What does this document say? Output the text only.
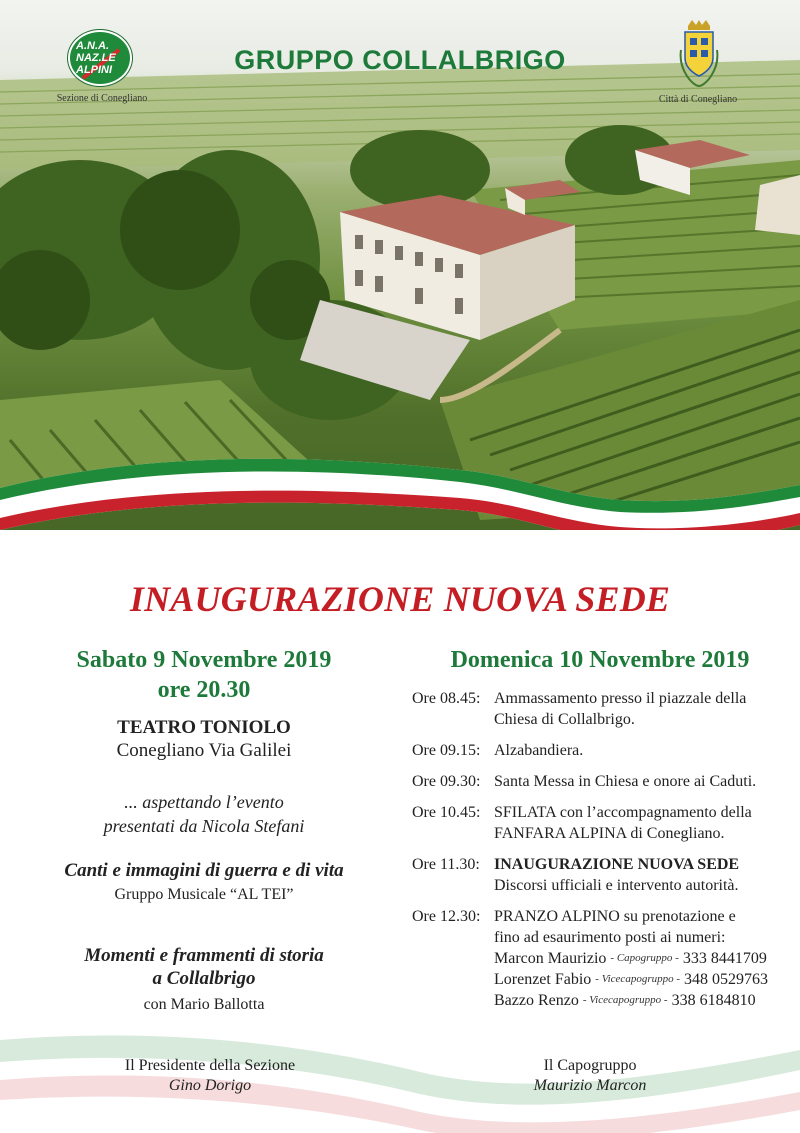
A.N.A. NAZ.LE ALPINI
Sezione di Conegliano
GRUPPO COLLALBRIGO
Città di Conegliano
INAUGURAZIONE NUOVA SEDE
Sabato 9 Novembre 2019
ore 20.30
Domenica 10 Novembre 2019
TEATRO TONIOLO
Conegliano Via Galilei
... aspettando l’evento
presentati da Nicola Stefani
Canti e immagini di guerra e di vita
Gruppo Musicale “AL TEI”
Momenti e frammenti di storia
a Collalbrigo
con Mario Ballotta
Ore 08.45: Ammassamento presso il piazzale della
Chiesa di Collalbrigo.
Ore 09.15: Alzabandiera.
Ore 09.30: Santa Messa in Chiesa e onore ai Caduti.
Ore 10.45: SFILATA con l’accompagnamento della
FANFARA ALPINA di Conegliano.
Ore 11.30: INAUGURAZIONE NUOVA SEDE
Discorsi ufficiali e intervento autorità.
Ore 12.30: PRANZO ALPINO su prenotazione e
fino ad esaurimento posti ai numeri:
Marcon Maurizio - Capogruppo - 333 8441709
Lorenzet Fabio - Vicecapogruppo - 348 0529763
Bazzo Renzo - Vicecapogruppo - 338 6184810
Il Presidente della Sezione
Gino Dorigo
Il Capogruppo
Maurizio Marcon
